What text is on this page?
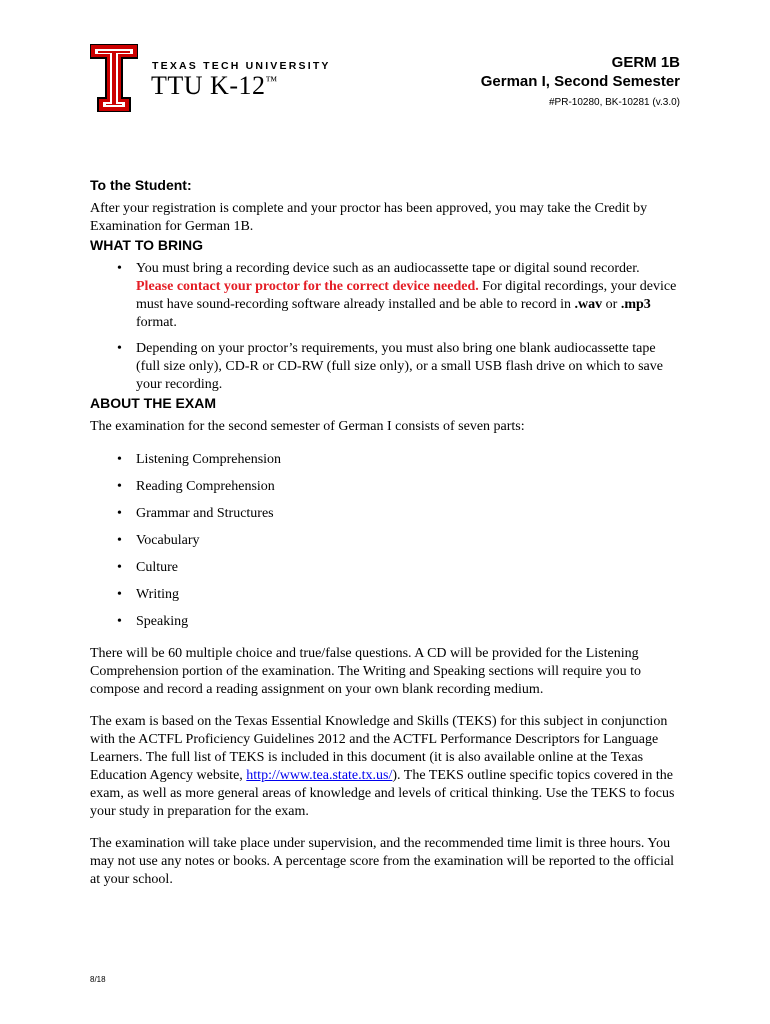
TEXAS TECH UNIVERSITY
TTU K-12™
GERM 1B
German I, Second Semester
#PR-10280, BK-10281 (v.3.0)
To the Student:

After your registration is complete and your proctor has been approved, you may take the Credit by Examination for German 1B.

WHAT TO BRING
• You must bring a recording device such as an audiocassette tape or digital sound recorder. Please contact your proctor for the correct device needed. For digital recordings, your device must have sound-recording software already installed and be able to record in .wav or .mp3 format.
• Depending on your proctor’s requirements, you must also bring one blank audiocassette tape (full size only), CD-R or CD-RW (full size only), or a small USB flash drive on which to save your recording.
ABOUT THE EXAM

The examination for the second semester of German I consists of seven parts:

• Listening Comprehension
• Reading Comprehension
• Grammar and Structures
• Vocabulary
• Culture
• Writing
• Speaking

There will be 60 multiple choice and true/false questions. A CD will be provided for the Listening Comprehension portion of the examination. The Writing and Speaking sections will require you to compose and record a reading assignment on your own blank recording medium.

The exam is based on the Texas Essential Knowledge and Skills (TEKS) for this subject in conjunction with the ACTFL Proficiency Guidelines 2012 and the ACTFL Performance Descriptors for Language Learners. The full list of TEKS is included in this document (it is also available online at the Texas Education Agency website, http://www.tea.state.tx.us/). The TEKS outline specific topics covered in the exam, as well as more general areas of knowledge and levels of critical thinking. Use the TEKS to focus your study in preparation for the exam.

The examination will take place under supervision, and the recommended time limit is three hours. You may not use any notes or books. A percentage score from the examination will be reported to the official at your school.

8/18
